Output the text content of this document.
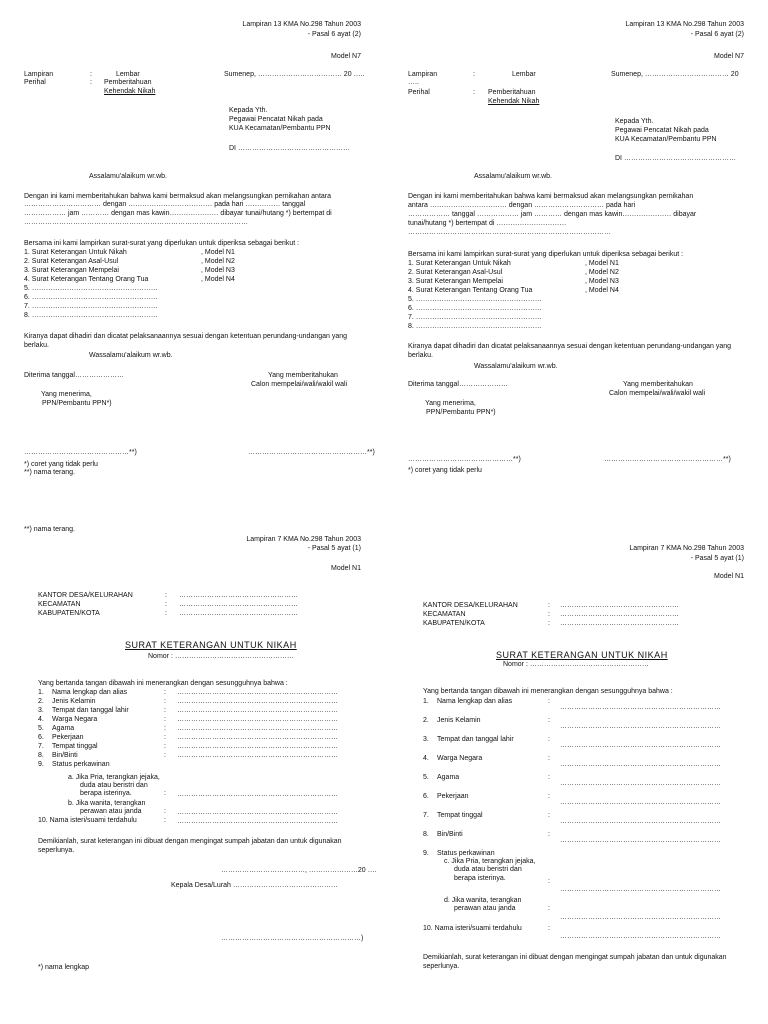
Lampiran 13 KMA No.298 Tahun 2003
- Pasal 6 ayat (2)
Model N7
Lampiran	:	Lembar	Sumenep, ……………………………… 20 …..
Perihal	: Pemberitahuan
Kehendak Nikah
Kepada Yth.
Pegawai Pencatat Nikah pada
KUA Kecamatan/Pembantu PPN
DI …………………………………………
Assalamu'alaikum wr.wb.
Dengan ini kami memberitahukan bahwa kami bermaksud akan melangsungkan pernikahan antara
…………………………… dengan ……………………………… pada hari …………… tanggal
……………… jam ………… dengan mas kawin………………… dibayar tunai/hutang *) bertempat di
……………………………………………………………………………………
Bersama ini kami lampirkan surat-surat yang diperlukan untuk diperiksa sebagai berikut :
1. Surat Keterangan Untuk Nikah	, Model N1
2. Surat Keterangan Asal-Usul	, Model N2
3. Surat Keterangan Mempelai	, Model N3
4. Surat Keterangan Tentang Orang Tua	, Model N4
5. ………………………………………………
6. ………………………………………………
7. ………………………………………………
8. ………………………………………………
Kiranya dapat dihadiri dan dicatat pelaksanaannya sesuai dengan ketentuan perundang-undangan yang berlaku.
Wassalamu'alaikum wr.wb.
Diterima tanggal…………………	Yang memberitahukan
Calon mempelai/wali/wakil wali
Yang menerima,
PPN/Pembantu PPN*)
………………………………………**)	……………………………………………**)
*) coret yang tidak perlu
**) nama terang.
**) nama terang.
Lampiran 13 KMA No.298 Tahun 2003
- Pasal 6 ayat (2)
Model N7
Lampiran	:	Lembar	Sumenep, ……………………………… 20
…..
Perihal	: Pemberitahuan
Kehendak Nikah
Kepada Yth.
Pegawai Pencatat Nikah pada
KUA Kecamatan/Pembantu PPN
DI …………………………………………
Assalamu'alaikum wr.wb.
Dengan ini kami memberitahukan bahwa kami bermaksud akan melangsungkan pernikahan
antara …………………………… dengan ………………………… pada hari
……………… tanggal ……………… jam ………… dengan mas kawin………………… dibayar
tunai/hutang *) bertempat di …………………………
……………………………………………………………………………
Bersama ini kami lampirkan surat-surat yang diperlukan untuk diperiksa sebagai berikut :
1. Surat Keterangan Untuk Nikah	, Model N1
2. Surat Keterangan Asal-Usul	, Model N2
3. Surat Keterangan Mempelai	, Model N3
4. Surat Keterangan Tentang Orang Tua	, Model N4
5. ………………………………………………
6. ………………………………………………
7. ………………………………………………
8. ………………………………………………
Kiranya dapat dihadiri dan dicatat pelaksanaannya sesuai dengan ketentuan perundang-undangan yang berlaku.
Wassalamu'alaikum wr.wb.
Diterima tanggal…………………	Yang memberitahukan
Calon mempelai/wali/wakil wali
Yang menerima,
PPN/Pembantu PPN*)
………………………………………**)	……………………………………………**)
*) coret yang tidak perlu
Lampiran 7 KMA No.298 Tahun 2003
- Pasal 5 ayat (1)
Model N1
KANTOR DESA/KELURAHAN	: ……………………………………………
KECAMATAN	: ……………………………………………
KABUPATEN/KOTA	: ……………………………………………
SURAT KETERANGAN UNTUK NIKAH
Nomor : ……………………………………………
Yang bertanda tangan dibawah ini menerangkan dengan sesungguhnya bahwa :
1. Nama lengkap dan alias	: ……………………………………………………………
2. Jenis Kelamin	: ……………………………………………………………
3. Tempat dan tanggal lahir	: ……………………………………………………………
4. Warga Negara	: ……………………………………………………………
5. Agama	: ……………………………………………………………
6. Pekerjaan	: ……………………………………………………………
7. Tempat tinggal	: ……………………………………………………………
8. Bin/Binti	: ……………………………………………………………
9. Status perkawinan
a. Jika Pria, terangkan jejaka,
duda atau beristri dan
berapa isterinya.	: ……………………………………………………………
b. Jika wanita, terangkan
perawan atau janda	: ……………………………………………………………
10. Nama isteri/suami terdahulu	: ……………………………………………………………
Demikianlah, surat keterangan ini dibuat dengan mengingat sumpah jabatan dan untuk digunakan seperlunya.
………………………………, …………………20 ….
Kepala Desa/Lurah ………………………………………
……………………………………………………)
*) nama lengkap
Lampiran 7 KMA No.298 Tahun 2003
- Pasal 5 ayat (1)
Model N1
KANTOR DESA/KELURAHAN	: ……………………………………………
KECAMATAN	: ……………………………………………
KABUPATEN/KOTA	: ……………………………………………
SURAT KETERANGAN UNTUK NIKAH
Nomor : ……………………………………………
Yang bertanda tangan dibawah ini menerangkan dengan sesungguhnya bahwa :
1. Nama lengkap dan alias	:
……………………………………………………………
2. Jenis Kelamin	:
……………………………………………………………
3. Tempat dan tanggal lahir	:
……………………………………………………………
4. Warga Negara	:
……………………………………………………………
5. Agama	:
……………………………………………………………
6. Pekerjaan	:
……………………………………………………………
7. Tempat tinggal	:
……………………………………………………………
8. Bin/Binti	:
……………………………………………………………
9. Status perkawinan
c. Jika Pria, terangkan jejaka,
duda atau beristri dan
berapa isterinya.	:
……………………………………………………………
d. Jika wanita, terangkan
perawan atau janda	:
……………………………………………………………
10. Nama isteri/suami terdahulu	:
……………………………………………………………
Demikianlah, surat keterangan ini dibuat dengan mengingat sumpah jabatan dan untuk digunakan seperlunya.
